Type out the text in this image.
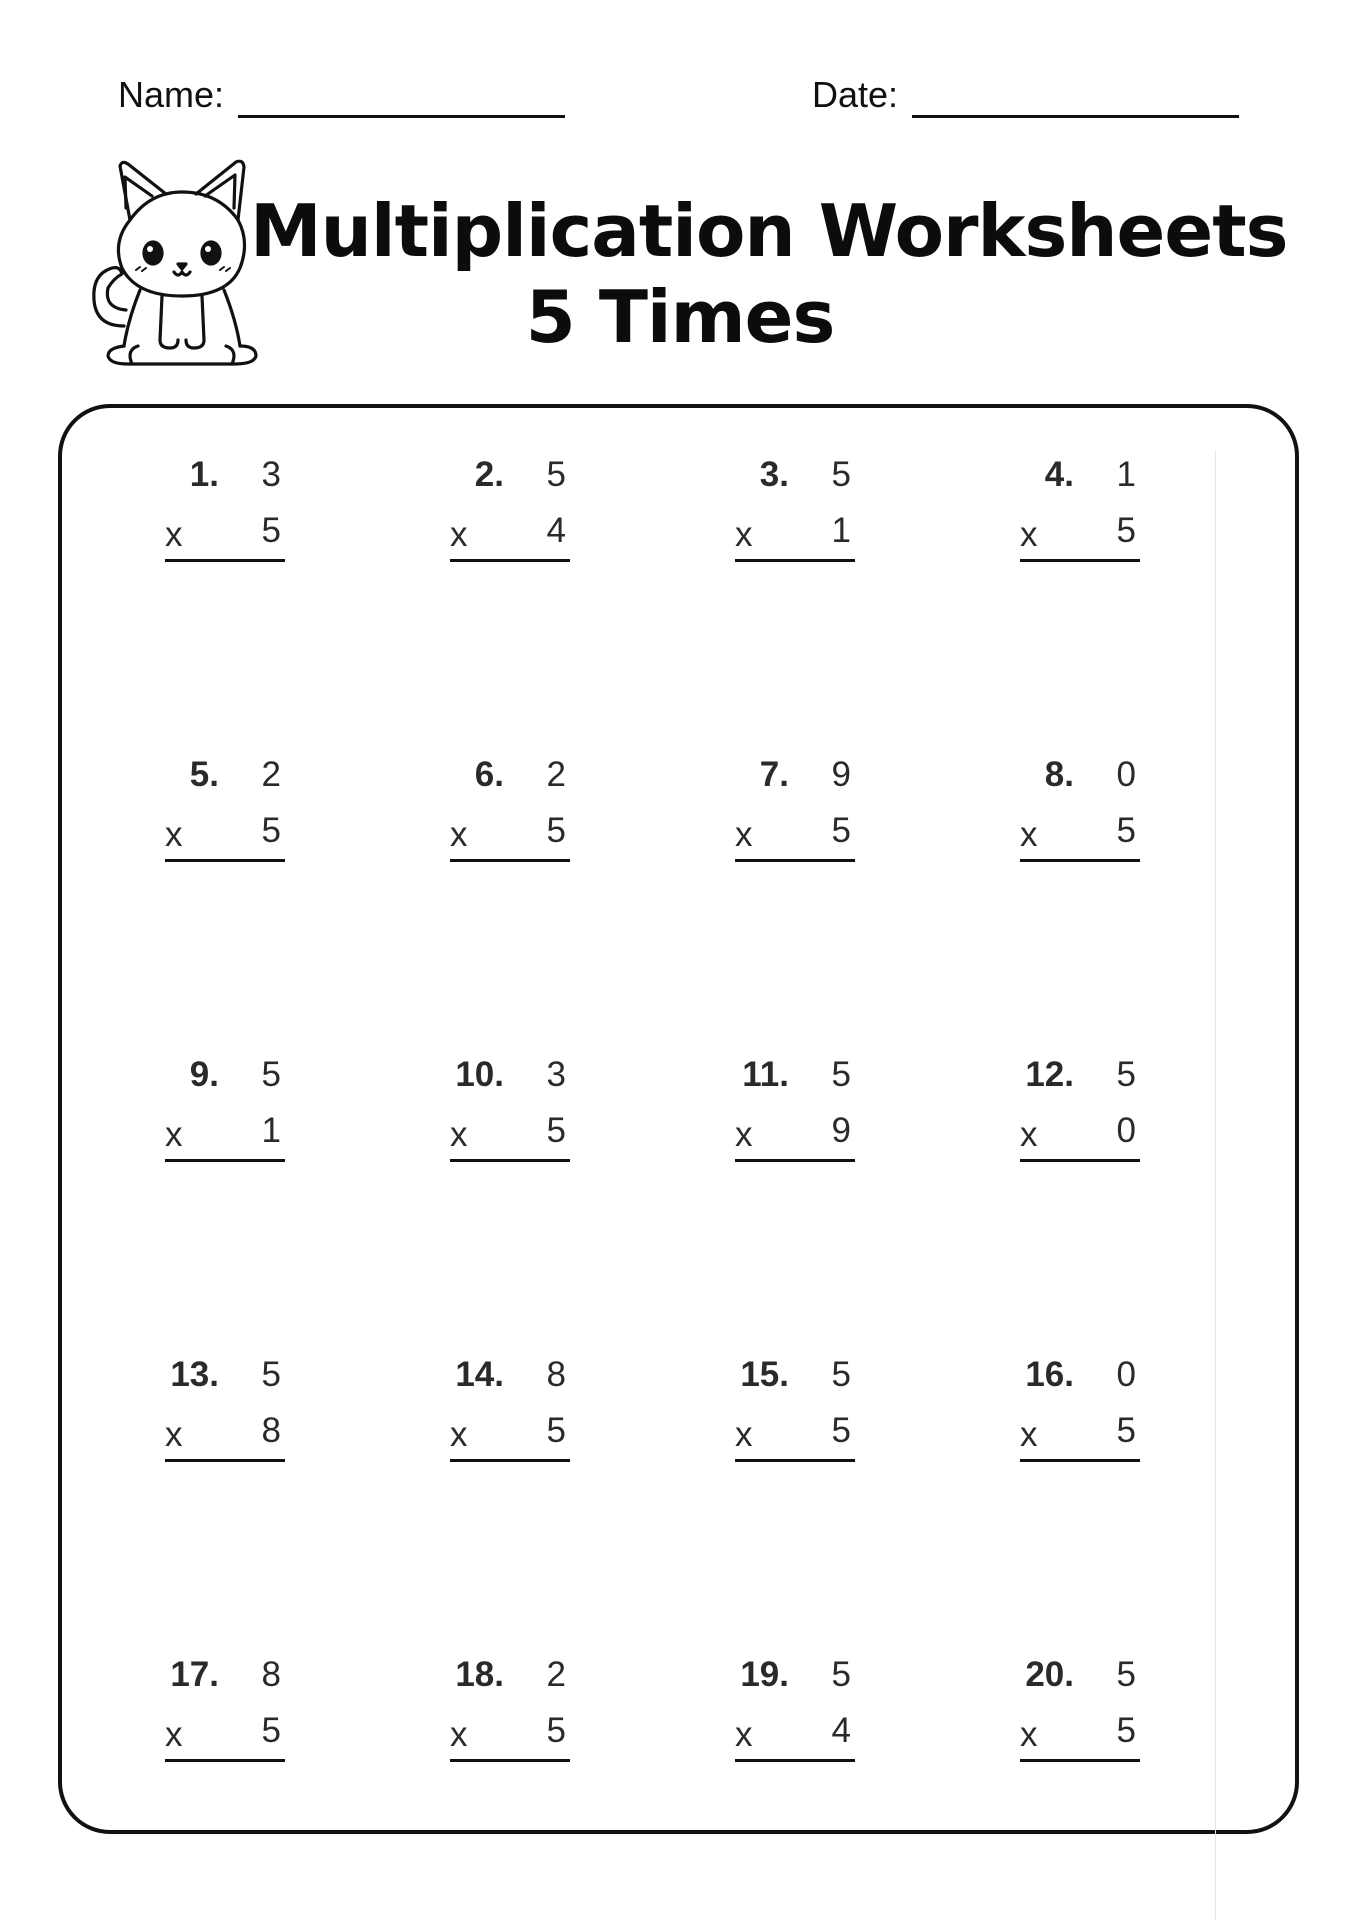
Name:	Date:
Multiplication Worksheets
5 Times
1. 3
x 5
2. 5
x 4
3. 5
x 1
4. 1
x 5
5. 2
x 5
6. 2
x 5
7. 9
x 5
8. 0
x 5
9. 5
x 1
10. 3
x 5
11. 5
x 9
12. 5
x 0
13. 5
x 8
14. 8
x 5
15. 5
x 5
16. 0
x 5
17. 8
x 5
18. 2
x 5
19. 5
x 4
20. 5
x 5
